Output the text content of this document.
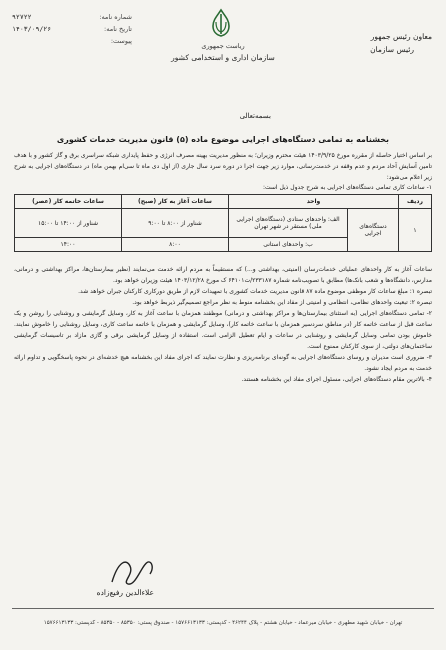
ریاست جمهوری
سازمان اداری و استخدامی کشور
معاون رئیس جمهور
رئیس سازمان
شماره نامه:
۹۲۷۲۲
تاریخ نامه:
۱۴۰۳/۰۹/۲۶
پیوست:
بسمه‌تعالی
بخشنامه به تمامی دستگاه‌های اجرایی موضوع ماده (۵) قانون مدیریت خدمات کشوری
بر اساس اختیار حاصله از مقرره مورخ ۱۴۰۳/۹/۲۵ هیئت محترم وزیران؛ به منظور مدیریت بهینه مصرف انرژی و حفظ پایداری شبکه سراسری برق و گاز کشور و با هدف تامین آسایش آحاد مردم و عدم وقفه در خدمت‌رسانی، موارد زیر جهت اجرا در دوره سرد سال جاری (از اول دی ماه تا سی‌ام بهمن ماه) در دستگاه‌های اجرایی به شرح زیر اعلام می‌شود:
۱- ساعات کاری تمامی دستگاه‌های اجرایی به شرح جدول ذیل است:
ردیف	واحد		ساعات آغاز به کار (صبح)	ساعات خاتمه کار (عصر)
۱	دستگاه‌های اجرایی	الف: واحدهای ستادی (دستگاه‌های اجرایی ملی) مستقر در شهر تهران	شناور از ۸:۰۰ تا ۹:۰۰	شناور از ۱۴:۰۰ تا ۱۵:۰۰
		ب: واحدهای استانی	۸:۰۰	۱۴:۰۰
ساعات آغاز به کار واحدهای عملیاتی خدمات‌رسان (امنیتی، بهداشتی و...) که مستقیماً به مردم ارائه خدمت می‌نمایند (نظیر بیمارستان‌ها، مراکز بهداشتی و درمانی، مدارس، دانشگاه‌ها و شعب بانک‌ها) مطابق با تصویب‌نامه شماره ۲۳۳۱۸۷/ت۶۴۱۰۱ ک مورخ ۱۴۰۳/۱۲/۲۸ هیئت وزیران خواهد بود.
تبصره ۱: مبلغ ساعات کار موظفی موضوع ماده ۸۷ قانون مدیریت خدمات کشوری با تمهیدات لازم از طریق دورکاری کارکنان جبران خواهد شد.
تبصره ۲: تبعیت واحدهای نظامی، انتظامی و امنیتی از مفاد این بخشنامه منوط به نظر مراجع تصمیم‌گیر ذیربط خواهد بود.
۲- تمامی دستگاه‌های اجرایی (به استثنای بیمارستان‌ها و مراکز بهداشتی و درمانی) موظفند همزمان با ساعت آغاز به کار، وسایل گرمایشی و روشنایی را روشن و یک ساعت قبل از ساعت خاتمه کار (در مناطق سردسیر همزمان با ساعت خاتمه کار)، وسایل گرمایشی و همزمان با خاتمه ساعت کاری، وسایل روشنایی را خاموش نمایند. خاموش بودن تمامی وسایل گرمایشی و روشنایی در ساعات و ایام تعطیل الزامی است. استفاده از وسایل گرمایشی برقی و گازی مازاد بر تاسیسات گرمایشی ساختمان‌های دولتی، از سوی کارکنان ممنوع است.
۳- ضروری است مدیران و روسای دستگاه‌های اجرایی به گونه‌ای برنامه‌ریزی و نظارت نمایند که اجرای مفاد این بخشنامه هیچ خدشه‌ای در نحوه پاسخگویی و تداوم ارائه خدمت به مردم ایجاد نشود.
۴- بالاترین مقام دستگاه‌های اجرایی، مسئول اجرای مفاد این بخشنامه هستند.
علاءالدین رفیع‌زاده
تهران - خیابان شهید مطهری - خیابان میرعماد - خیابان هشتم - پلاک ۴۶۲۴۴ - کدپستی: ۱۵۷۶۶۱۳۱۳۳ - صندوق پستی: ۸۵۳۵۰ - ۸۵۳۵۰ - کدپستی: ۱۵۷۶۶۱۳۱۳۳
